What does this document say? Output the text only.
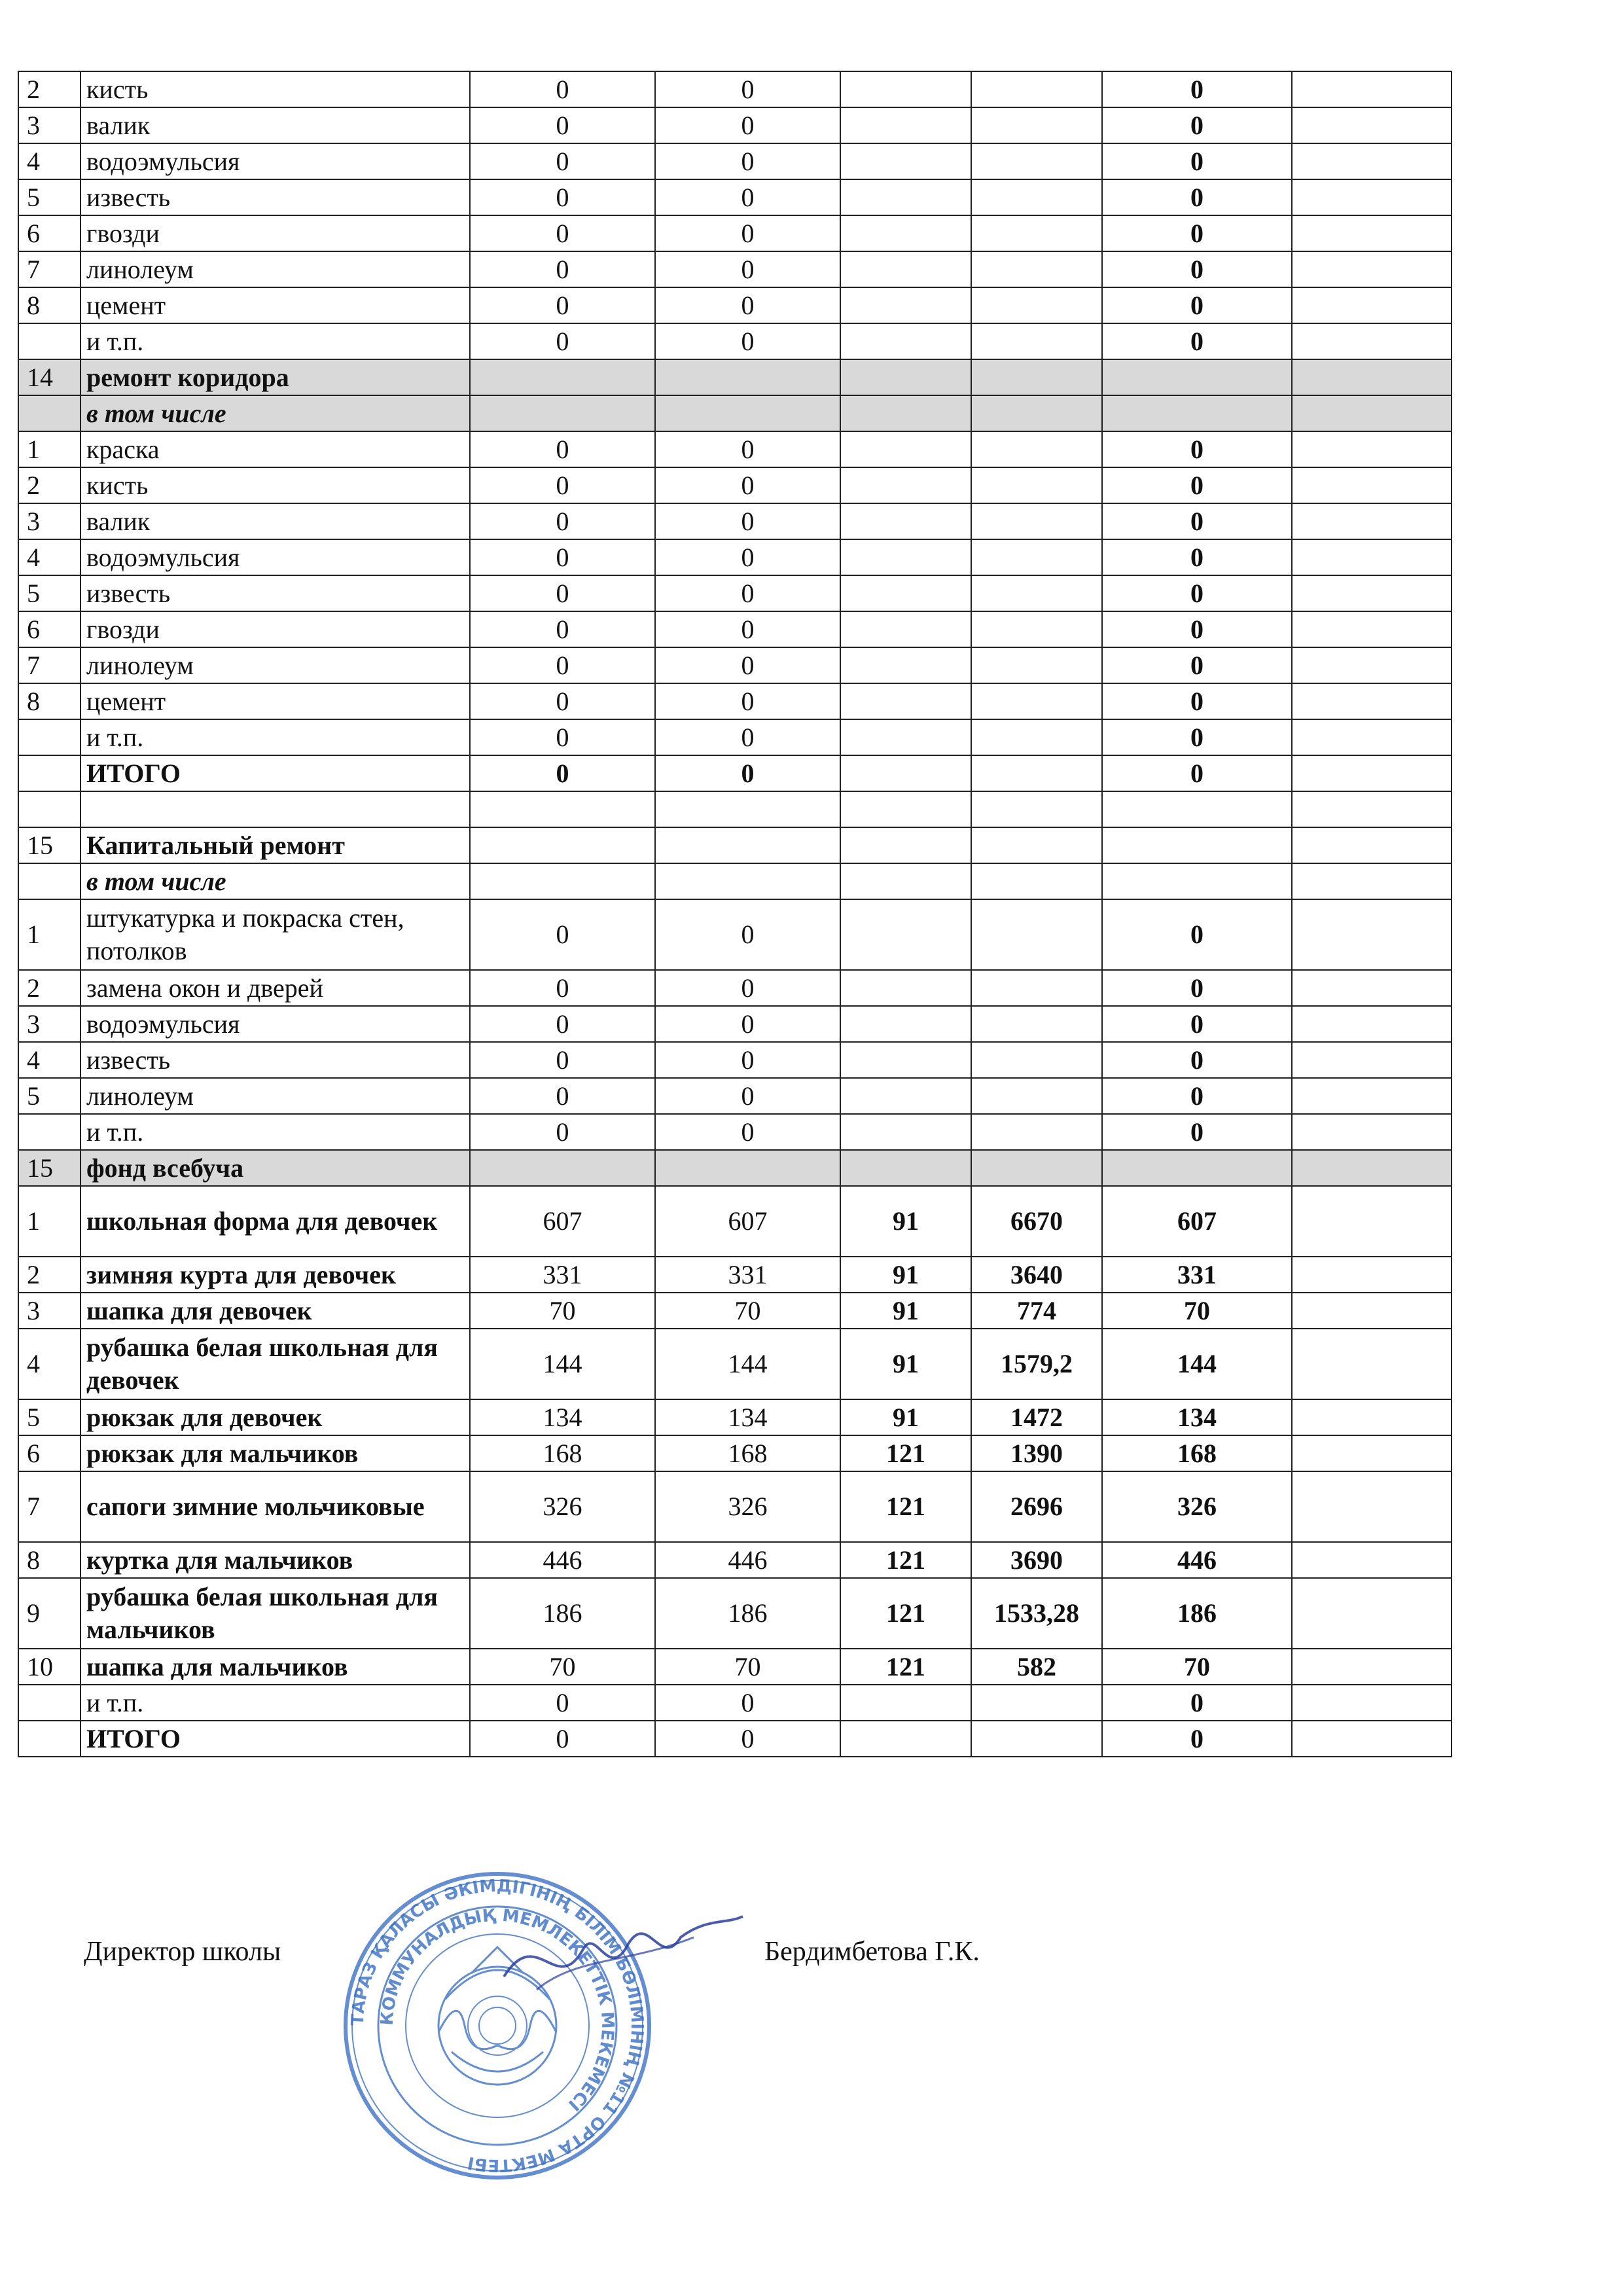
2	кисть	0	0			0	
3	валик	0	0			0	
4	водоэмульсия	0	0			0	
5	известь	0	0			0	
6	гвозди	0	0			0	
7	линолеум	0	0			0	
8	цемент	0	0			0	
	и т.п.	0	0			0	
14	ремонт коридора						
	в том числе						
1	краска	0	0			0	
2	кисть	0	0			0	
3	валик	0	0			0	
4	водоэмульсия	0	0			0	
5	известь	0	0			0	
6	гвозди	0	0			0	
7	линолеум	0	0			0	
8	цемент	0	0			0	
	и т.п.	0	0			0	
	ИТОГО	0	0			0	

15	Капитальный ремонт						
	в том числе						
1	штукатурка и покраска стен, потолков	0	0			0	
2	замена окон и дверей	0	0			0	
3	водоэмульсия	0	0			0	
4	известь	0	0			0	
5	линолеум	0	0			0	
	и т.п.	0	0			0	
15	фонд всебуча						
1	школьная форма для девочек	607	607	91	6670	607	
2	зимняя курта для девочек	331	331	91	3640	331	
3	шапка для девочек	70	70	91	774	70	
4	рубашка белая школьная для девочек	144	144	91	1579,2	144	
5	рюкзак для девочек	134	134	91	1472	134	
6	рюкзак для мальчиков	168	168	121	1390	168	
7	сапоги зимние мольчиковые	326	326	121	2696	326	
8	куртка для мальчиков	446	446	121	3690	446	
9	рубашка белая школьная для мальчиков	186	186	121	1533,28	186	
10	шапка для мальчиков	70	70	121	582	70	
	и т.п.	0	0			0	
	ИТОГО	0	0			0	
Директор школы	Бердимбетова Г.К.
ТАРАЗ ҚАЛАСЫ ӘКІМДІГІНІҢ БІЛІМ БӨЛІМІНІҢ №11 ОРТА МЕКТЕБІ
КОММУНАЛДЫҚ МЕМЛЕКЕТТІК МЕКЕМЕСІ
